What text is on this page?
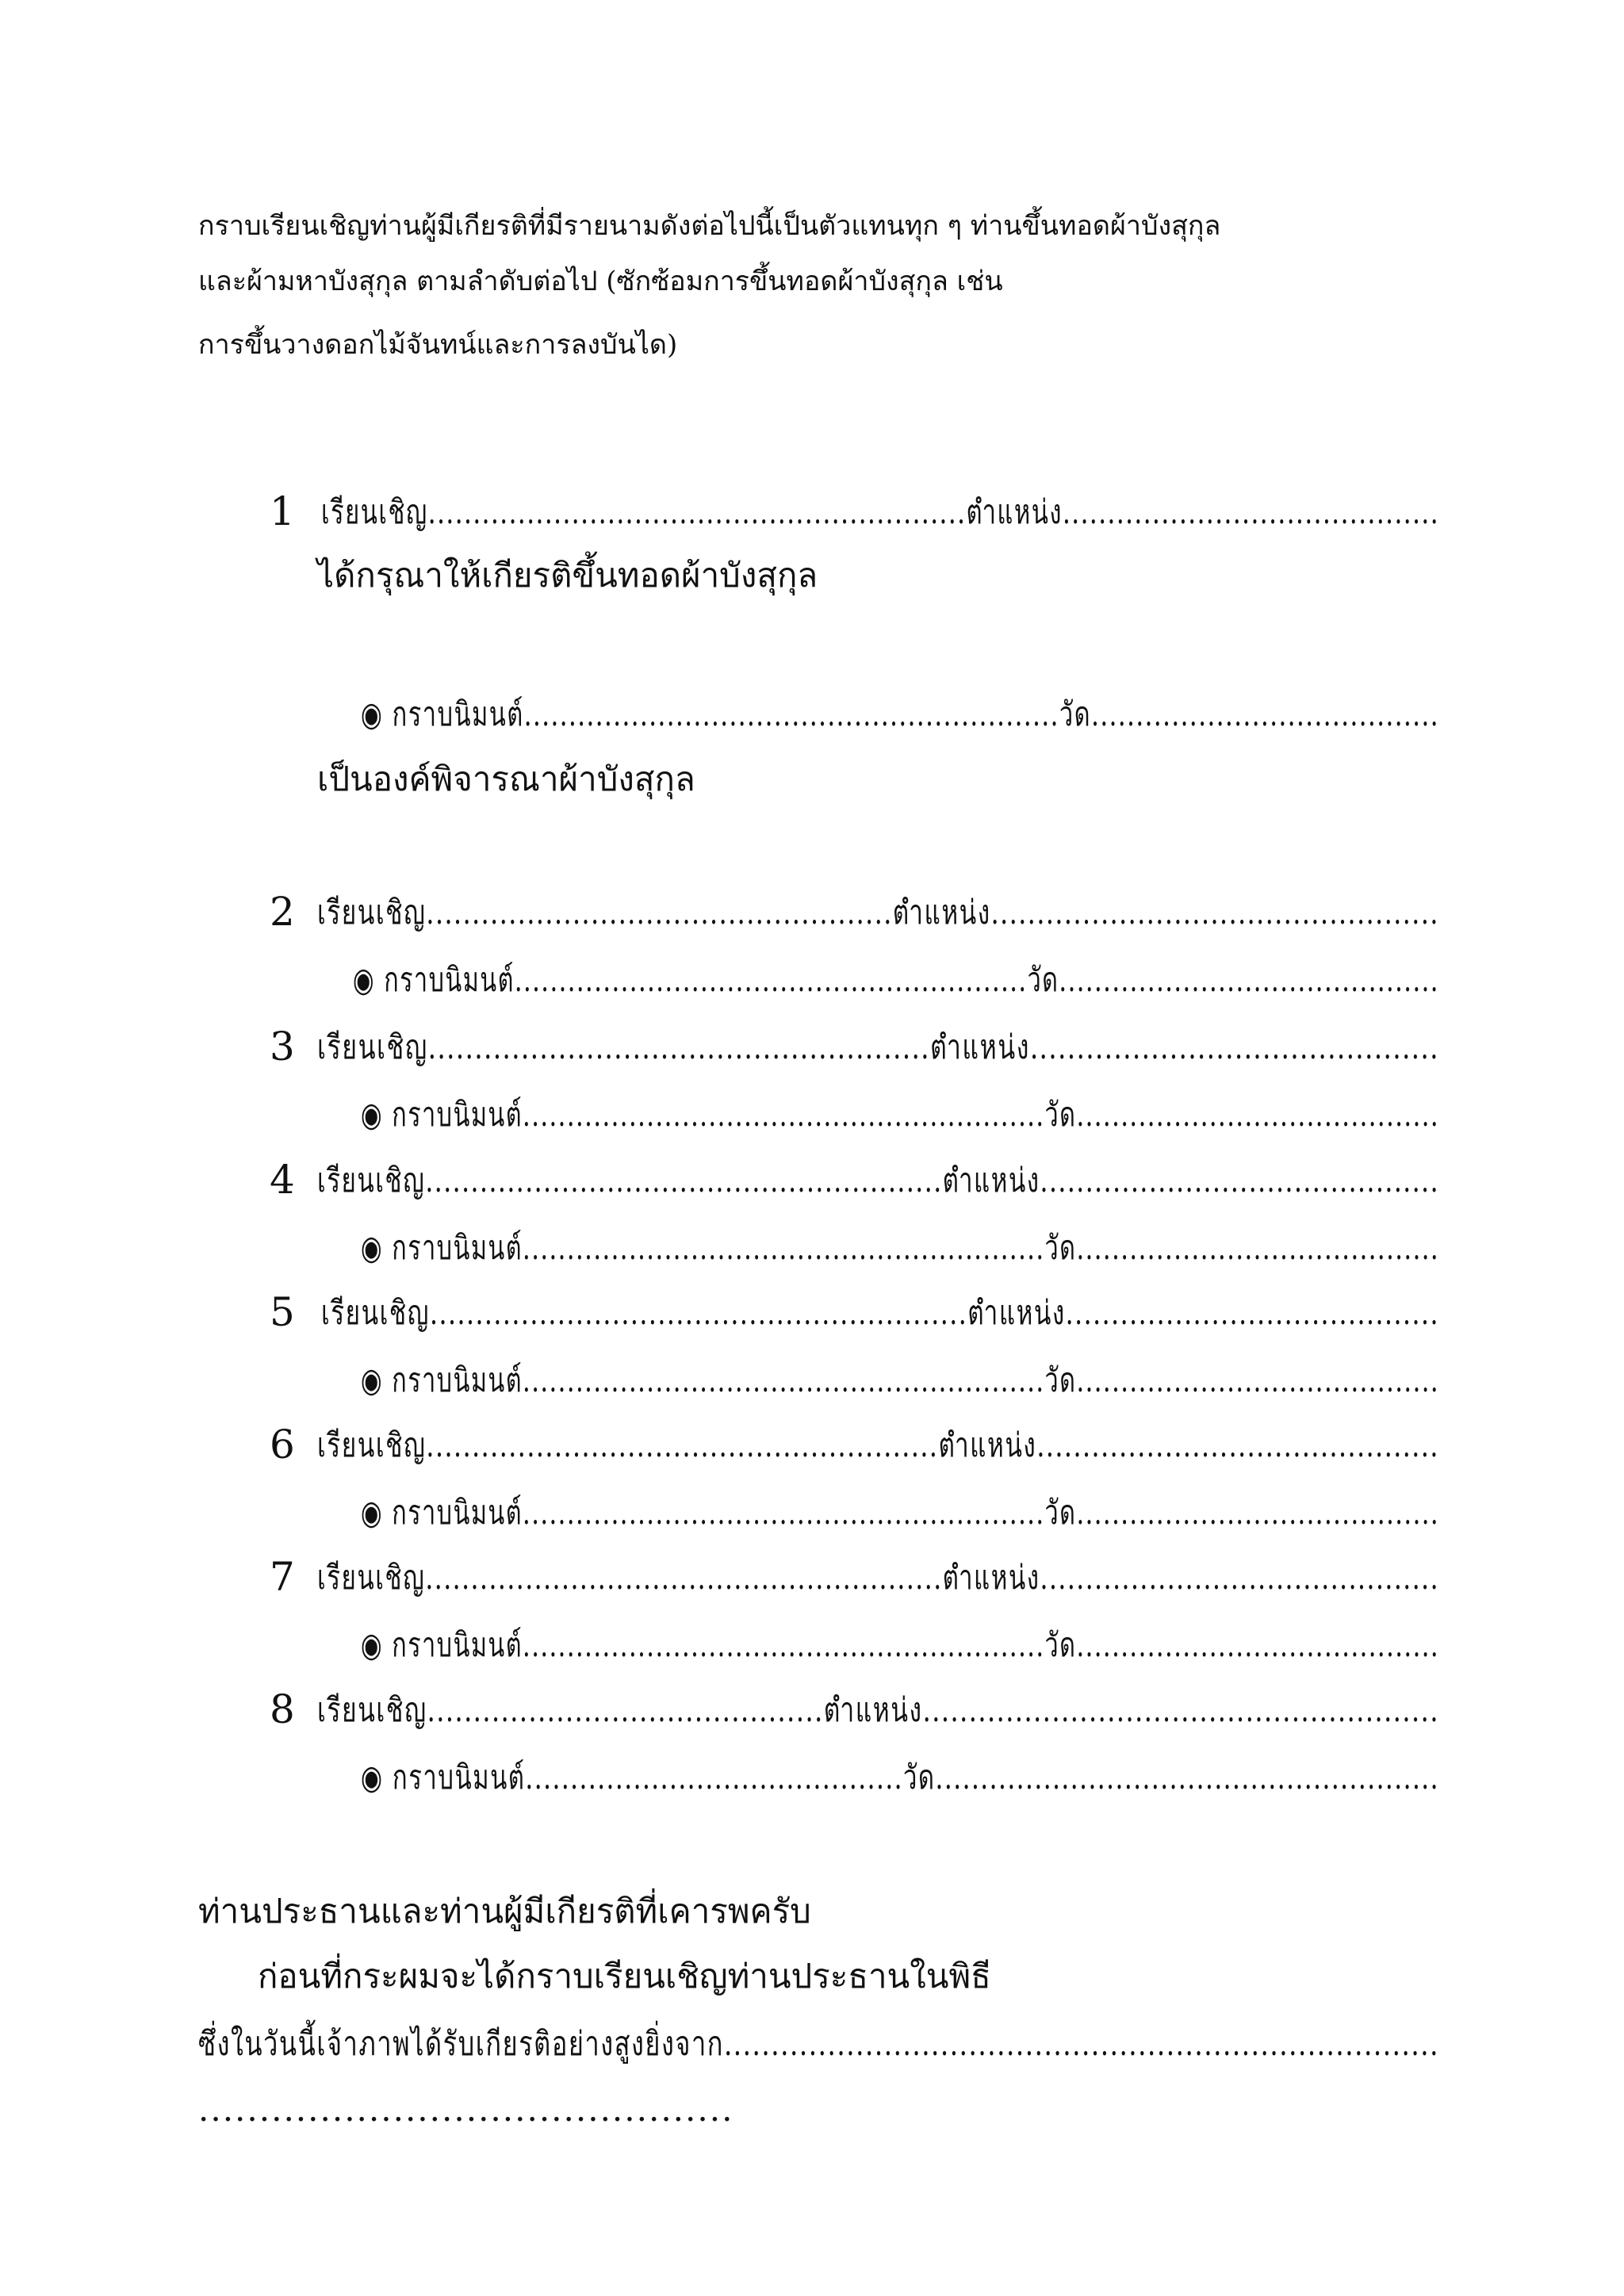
กราบเรียนเชิญท่านผู้มีเกียรติที่มีรายนามดังต่อไปนี้เป็นตัวแทนทุก ๆ ท่านขึ้นทอดผ้าบังสุกุล
และผ้ามหาบังสุกุล ตามลำดับต่อไป (ซักซ้อมการขึ้นทอดผ้าบังสุกุล เช่น
การขึ้นวางดอกไม้จันทน์และการลงบันได)
1 เรียนเชิญ............................................................ตำแหน่ง..........................................
ได้กรุณาให้เกียรติขึ้นทอดผ้าบังสุกุล
◉ กราบนิมนต์............................................................วัด.......................................
เป็นองค์พิจารณาผ้าบังสุกุล
2 เรียนเชิญ...................................................ตำแหน่ง.................................................
◉ กราบนิมนต์..........................................................วัด...........................................
3 เรียนเชิญ......................................................ตำแหน่ง............................................
◉ กราบนิมนต์...........................................................วัด.........................................
4 เรียนเชิญ.........................................................ตำแหน่ง............................................
◉ กราบนิมนต์...........................................................วัด.........................................
5 เรียนเชิญ...........................................................ตำแหน่ง.........................................
◉ กราบนิมนต์...........................................................วัด.........................................
6 เรียนเชิญ........................................................ตำแหน่ง............................................
◉ กราบนิมนต์...........................................................วัด.........................................
7 เรียนเชิญ.........................................................ตำแหน่ง............................................
◉ กราบนิมนต์...........................................................วัด.........................................
8 เรียนเชิญ...........................................ตำแหน่ง........................................................
◉ กราบนิมนต์..........................................วัด........................................................
ท่านประธานและท่านผู้มีเกียรติที่เคารพครับ
ก่อนที่กระผมจะได้กราบเรียนเชิญท่านประธานในพิธี
ซึ่งในวันนี้เจ้าภาพได้รับเกียรติอย่างสูงยิ่งจาก............................................................................
............................................
